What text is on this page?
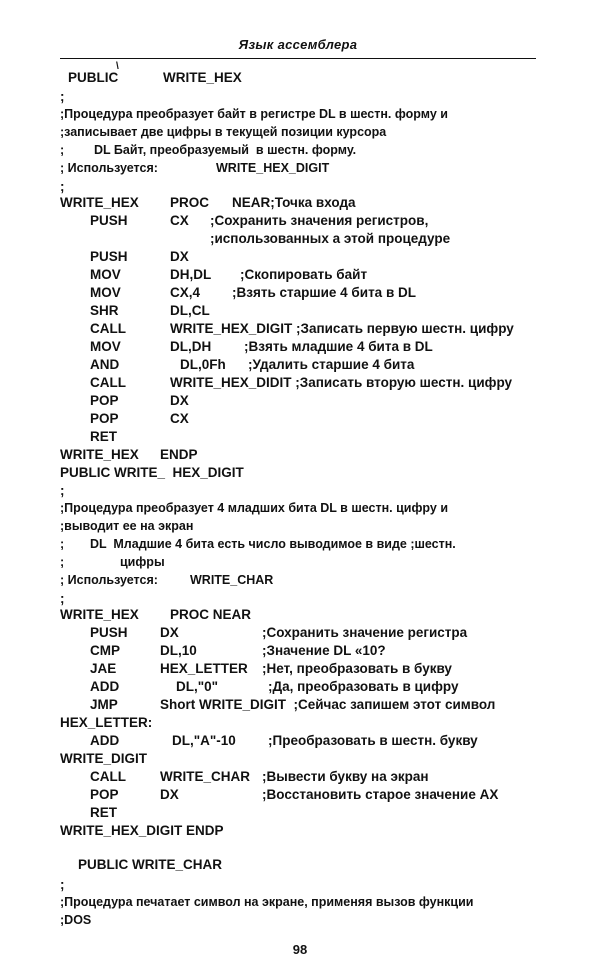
Язык ассемблера
\
PUBLIC	WRITE_HEX
;
;Процедура преобразует байт в регистре DL в шестн. форму и
;записывает две цифры в текущей позиции курсора
; DL Байт, преобразуемый  в шестн. форму.
; Используется:	WRITE_HEX_DIGIT
;
WRITE_HEX PROC NEAR;Точка входа
PUSH	CX ;Сохранить значения регистров,
;использованных а этой процедуре
PUSH	DX
MOV	DH,DL ;Скопировать байт
MOV	CX,4 ;Взять старшие 4 бита в DL
SHR	DL,CL
CALL	WRITE_HEX_DIGIT ;Записать первую шестн. цифру
MOV	DL,DH ;Взять младшие 4 бита в DL
AND	DL,0Fh ;Удалить старшие 4 бита
CALL	WRITE_HEX_DIDIT ;Записать вторую шестн. цифру
POP	DX
POP	CX
RET
WRITE_HEX ENDP
PUBLIC WRITE_  HEX_DIGIT
;
;Процедура преобразует 4 младших бита DL в шестн. цифру и
;выводит ее на экран
; DL  Младшие 4 бита есть число выводимое в виде ;шестн.
;	цифры
; Используется:	WRITE_CHAR
;
WRITE_HEX PROC NEAR
PUSH DX	;Сохранить значение регистра
CMP	DL,10	;Значение DL «10?
JAE	HEX_LETTER ;Нет, преобразовать в букву
ADD	DL,"0"	;Да, преобразовать в цифру
JMP	Short WRITE_DIGIT  ;Сейчас запишем этот символ
HEX_LETTER:
ADD	DL,"A"-10 ;Преобразовать в шестн. букву
WRITE_DIGIT
CALL	WRITE_CHAR ;Вывести букву на экран
POP	DX	;Восстановить старое значение AX
RET
WRITE_HEX_DIGIT ENDP
PUBLIC WRITE_CHAR
;
;Процедура печатает символ на экране, применяя вызов функции
;DOS
98
